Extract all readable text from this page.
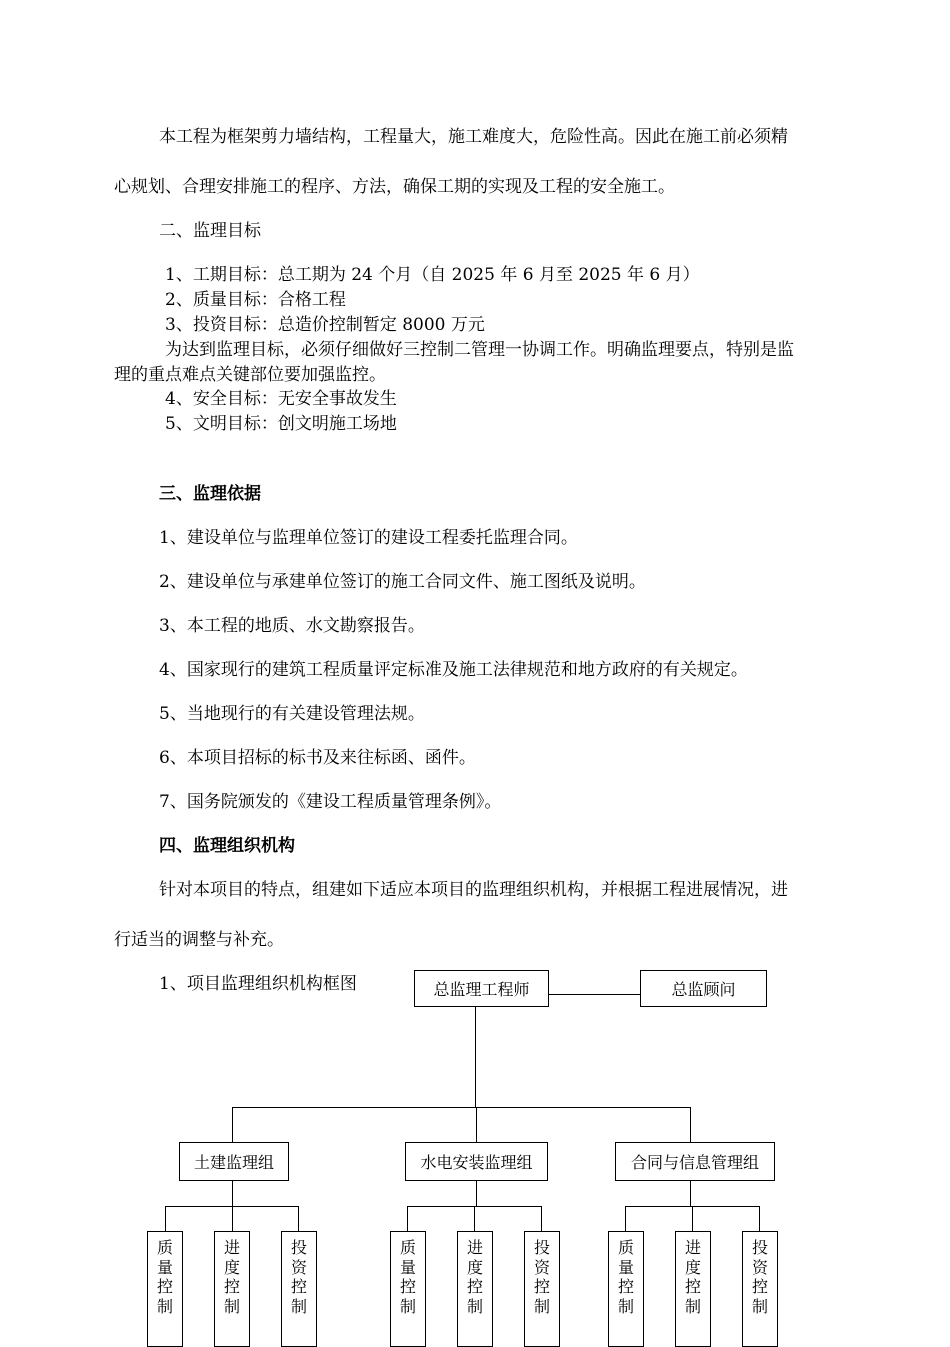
本工程为框架剪力墙结构，工程量大，施工难度大，危险性高。因此在施工前必须精
心规划、合理安排施工的程序、方法，确保工期的实现及工程的安全施工。
二、监理目标
1、工期目标：总工期为 24 个月（自 2025 年 6 月至 2025 年 6 月）
2、质量目标：合格工程
3、投资目标：总造价控制暂定 8000 万元
为达到监理目标，必须仔细做好三控制二管理一协调工作。明确监理要点，特别是监
理的重点难点关键部位要加强监控。
4、安全目标：无安全事故发生
5、文明目标：创文明施工场地
三、监理依据
1、建设单位与监理单位签订的建设工程委托监理合同。
2、建设单位与承建单位签订的施工合同文件、施工图纸及说明。
3、本工程的地质、水文勘察报告。
4、国家现行的建筑工程质量评定标准及施工法律规范和地方政府的有关规定。
5、当地现行的有关建设管理法规。
6、本项目招标的标书及来往标函、函件。
7、国务院颁发的《建设工程质量管理条例》。
四、监理组织机构
针对本项目的特点，组建如下适应本项目的监理组织机构，并根据工程进展情况，进
行适当的调整与补充。
1、项目监理组织机构框图	总监理工程师	总监顾问
土建监理组	水电安装监理组	合同与信息管理组
质
量
控
制
进
度
控
制
投
资
控
制
质
量
控
制
进
度
控
制
投
资
控
制
质
量
控
制
进
度
控
制
投
资
控
制
